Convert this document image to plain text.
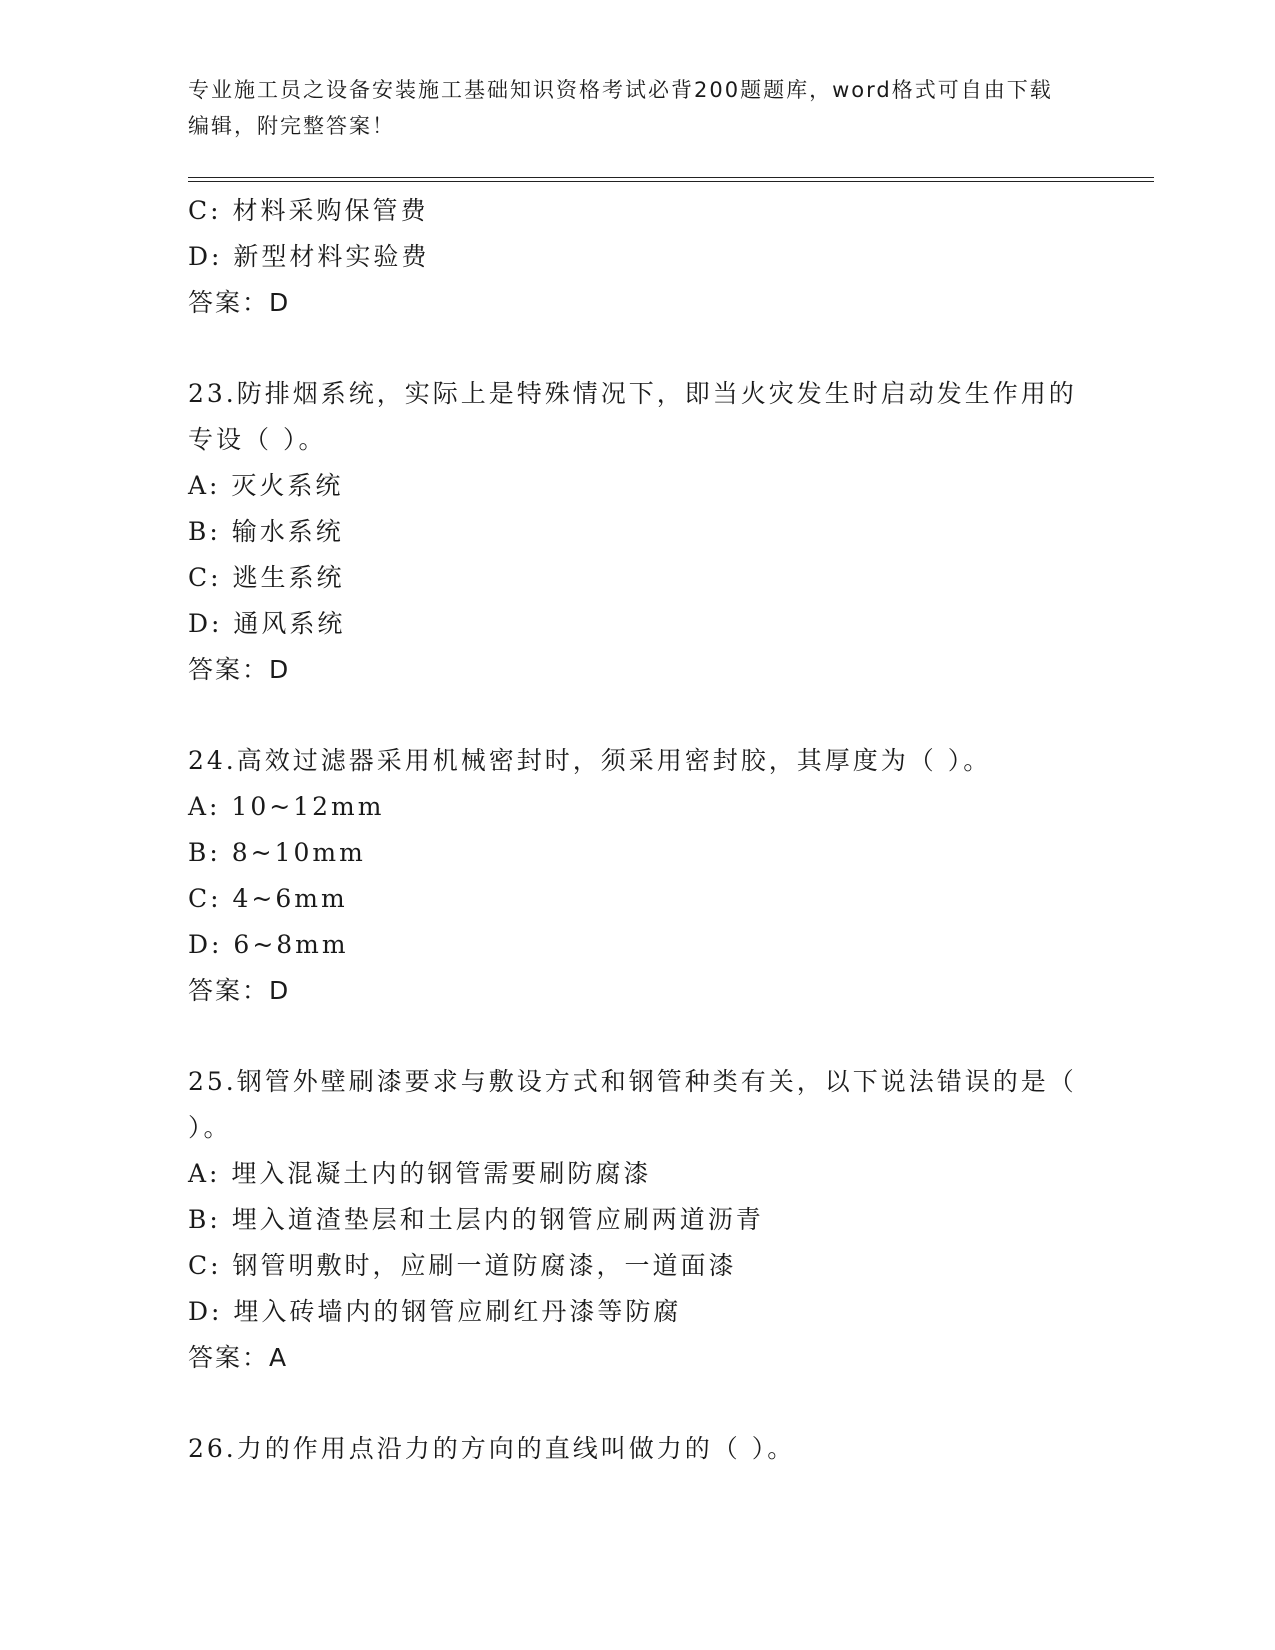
专业施工员之设备安装施工基础知识资格考试必背200题题库，word格式可自由下载编辑，附完整答案！
C: 材料采购保管费
D: 新型材料实验费
答案：D
23.防排烟系统，实际上是特殊情况下，即当火灾发生时启动发生作用的专设（ ）。
A: 灭火系统
B: 输水系统
C: 逃生系统
D: 通风系统
答案：D
24.高效过滤器采用机械密封时，须采用密封胶，其厚度为（ ）。
A: 10~12mm
B: 8~10mm
C: 4~6mm
D: 6~8mm
答案：D
25.钢管外壁刷漆要求与敷设方式和钢管种类有关，以下说法错误的是（ ）。
A: 埋入混凝土内的钢管需要刷防腐漆
B: 埋入道渣垫层和土层内的钢管应刷两道沥青
C: 钢管明敷时，应刷一道防腐漆，一道面漆
D: 埋入砖墙内的钢管应刷红丹漆等防腐
答案：A
26.力的作用点沿力的方向的直线叫做力的（ ）。
